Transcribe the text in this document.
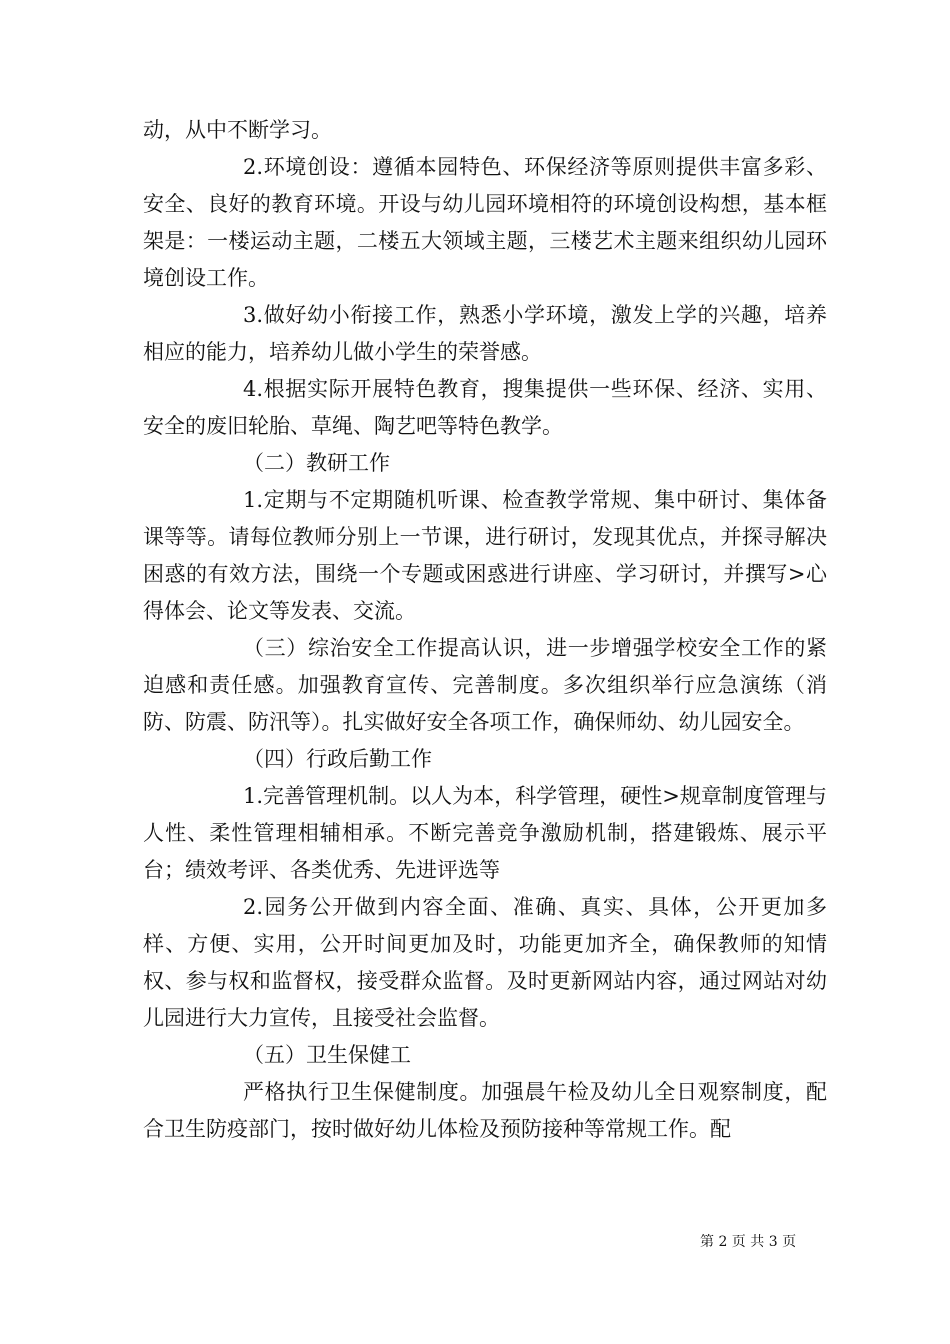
动，从中不断学习。

2.环境创设：遵循本园特色、环保经济等原则提供丰富多彩、安全、良好的教育环境。开设与幼儿园环境相符的环境创设构想，基本框架是：一楼运动主题，二楼五大领域主题，三楼艺术主题来组织幼儿园环境创设工作。

3.做好幼小衔接工作，熟悉小学环境，激发上学的兴趣，培养相应的能力，培养幼儿做小学生的荣誉感。

4.根据实际开展特色教育，搜集提供一些环保、经济、实用、安全的废旧轮胎、草绳、陶艺吧等特色教学。

（二）教研工作

1.定期与不定期随机听课、检查教学常规、集中研讨、集体备课等等。请每位教师分别上一节课，进行研讨，发现其优点，并探寻解决困惑的有效方法，围绕一个专题或困惑进行讲座、学习研讨，并撰写>心得体会、论文等发表、交流。

（三）综治安全工作提高认识，进一步增强学校安全工作的紧迫感和责任感。加强教育宣传、完善制度。多次组织举行应急演练（消防、防震、防汛等）。扎实做好安全各项工作，确保师幼、幼儿园安全。

（四）行政后勤工作

1.完善管理机制。以人为本，科学管理，硬性>规章制度管理与人性、柔性管理相辅相承。不断完善竞争激励机制，搭建锻炼、展示平台；绩效考评、各类优秀、先进评选等

2.园务公开做到内容全面、准确、真实、具体，公开更加多样、方便、实用，公开时间更加及时，功能更加齐全，确保教师的知情权、参与权和监督权，接受群众监督。及时更新网站内容，通过网站对幼儿园进行大力宣传，且接受社会监督。

（五）卫生保健工

严格执行卫生保健制度。加强晨午检及幼儿全日观察制度，配合卫生防疫部门，按时做好幼儿体检及预防接种等常规工作。配

第 2 页 共 3 页
